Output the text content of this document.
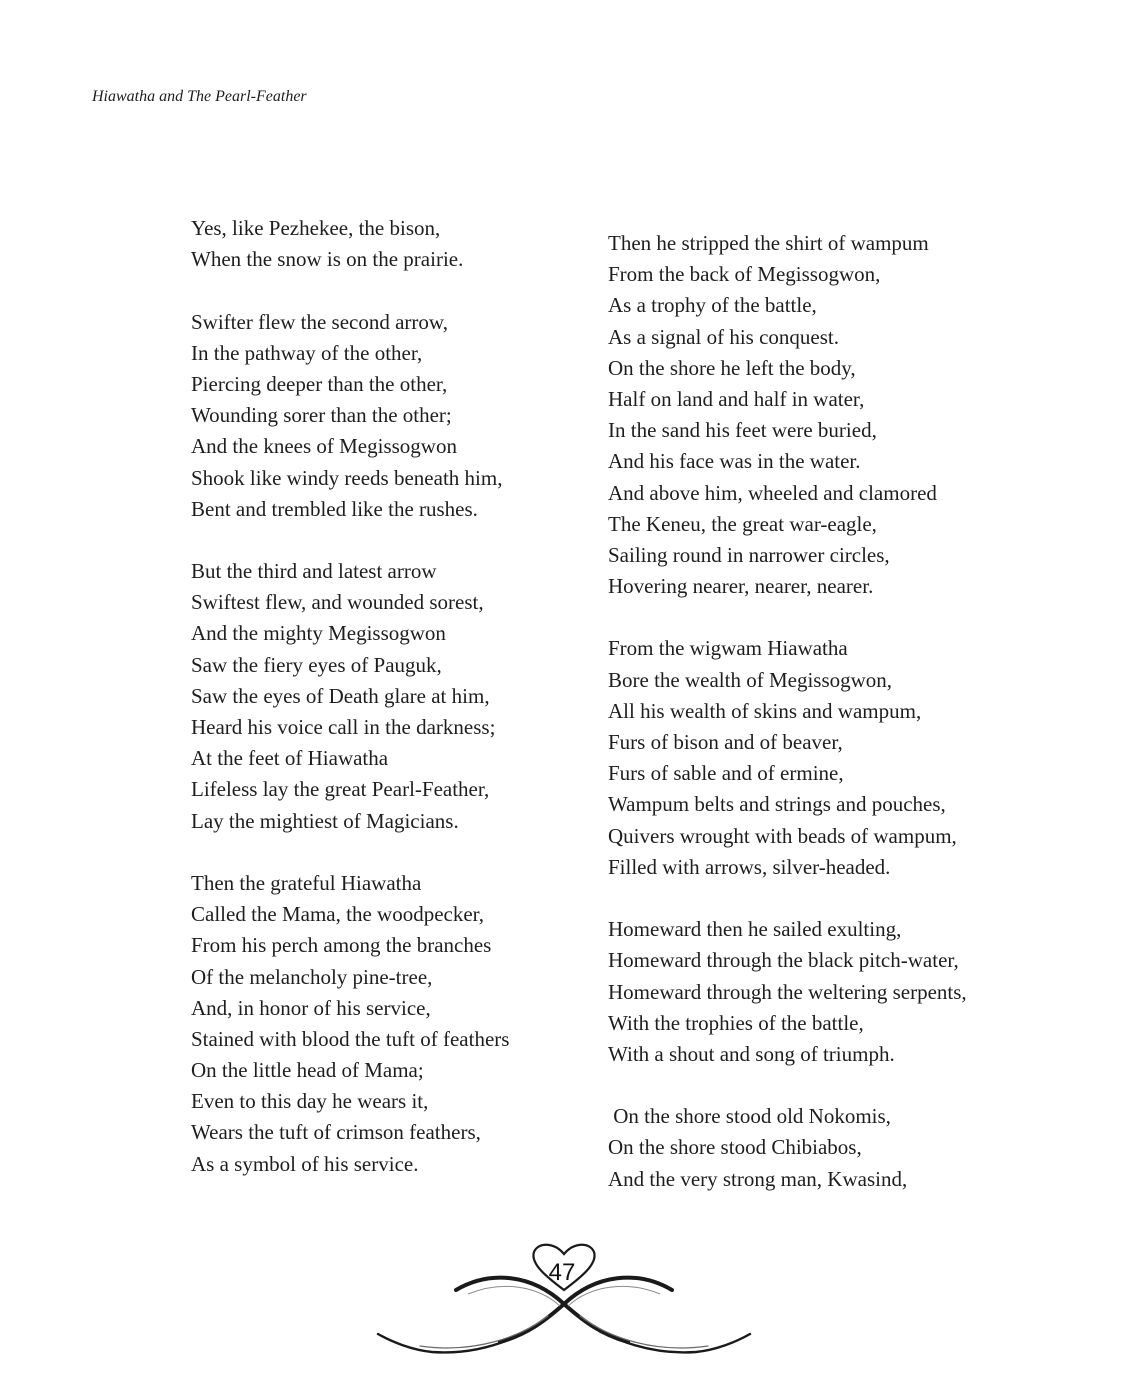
Hiawatha and The Pearl-Feather
Yes, like Pezhekee, the bison,
When the snow is on the prairie.
Swifter flew the second arrow,
In the pathway of the other,
Piercing deeper than the other,
Wounding sorer than the other;
And the knees of Megissogwon
Shook like windy reeds beneath him,
Bent and trembled like the rushes.
But the third and latest arrow
Swiftest flew, and wounded sorest,
And the mighty Megissogwon
Saw the fiery eyes of Pauguk,
Saw the eyes of Death glare at him,
Heard his voice call in the darkness;
At the feet of Hiawatha
Lifeless lay the great Pearl-Feather,
Lay the mightiest of Magicians.
Then the grateful Hiawatha
Called the Mama, the woodpecker,
From his perch among the branches
Of the melancholy pine-tree,
And, in honor of his service,
Stained with blood the tuft of feathers
On the little head of Mama;
Even to this day he wears it,
Wears the tuft of crimson feathers,
As a symbol of his service.
Then he stripped the shirt of wampum
From the back of Megissogwon,
As a trophy of the battle,
As a signal of his conquest.
On the shore he left the body,
Half on land and half in water,
In the sand his feet were buried,
And his face was in the water.
And above him, wheeled and clamored
The Keneu, the great war-eagle,
Sailing round in narrower circles,
Hovering nearer, nearer, nearer.
From the wigwam Hiawatha
Bore the wealth of Megissogwon,
All his wealth of skins and wampum,
Furs of bison and of beaver,
Furs of sable and of ermine,
Wampum belts and strings and pouches,
Quivers wrought with beads of wampum,
Filled with arrows, silver-headed.
Homeward then he sailed exulting,
Homeward through the black pitch-water,
Homeward through the weltering serpents,
With the trophies of the battle,
With a shout and song of triumph.
On the shore stood old Nokomis,
On the shore stood Chibiabos,
And the very strong man, Kwasind,
47
